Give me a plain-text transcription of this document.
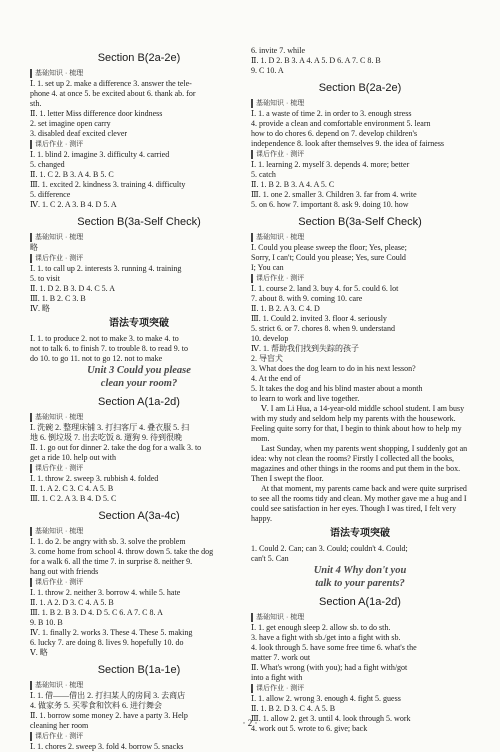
Section B(2a-2e)
基础知识 · 梳理
Ⅰ. 1. set up 2. make a difference 3. answer the tele-
phone 4. at once 5. be excited about 6. thank ab. for
sth.
Ⅱ. 1. letter Miss difference door kindness
2. set imagine open carry
3. disabled deaf excited clever
课后作业 · 测评
Ⅰ. 1. blind 2. imagine 3. difficulty 4. carried
5. changed
Ⅱ. 1. C 2. B 3. A 4. B 5. C
Ⅲ. 1. excited 2. kindness 3. training 4. difficulty
5. difference
Ⅳ. 1. C 2. A 3. B 4. D 5. A
Section B(3a-Self Check)
基础知识 · 梳理
略
课后作业 · 测评
Ⅰ. 1. to call up 2. interests 3. running 4. training
5. to visit
Ⅱ. 1. D 2. B 3. D 4. C 5. A
Ⅲ. 1. B 2. C 3. B
Ⅳ. 略
语法专项突破
Ⅰ. 1. to produce 2. not to make 3. to make 4. to
not to talk 6. to finish 7. to trouble 8. to read 9. to
do 10. to go 11. not to go 12. not to make
Unit 3 Could you please
clean your room?
Section A(1a-2d)
基础知识 · 梳理
Ⅰ. 洗碗 2. 整理床铺 3. 打扫客厅 4. 叠衣服 5. 扫
地 6. 倒垃圾 7. 出去吃饭 8. 遛狗 9. 待到很晚
Ⅱ. 1. go out for dinner 2. take the dog for a walk 3. to
get a ride 10. help out with
课后作业 · 测评
Ⅰ. 1. throw 2. sweep 3. rubbish 4. folded
Ⅱ. 1. A 2. C 3. C 4. A 5. B
Ⅲ. 1. C 2. A 3. B 4. D 5. C
Section A(3a-4c)
基础知识 · 梳理
Ⅰ. 1. do 2. be angry with sb. 3. solve the problem
3. come home from school 4. throw down 5. take the dog
for a walk 6. all the time 7. in surprise 8. neither 9.
hang out with friends
课后作业 · 测评
Ⅰ. 1. throw 2. neither 3. borrow 4. while 5. hate
Ⅱ. 1. A 2. D 3. C 4. A 5. B
Ⅲ. 1. B 2. B 3. D 4. D 5. C 6. A 7. C 8. A
9. B 10. B
Ⅳ. 1. finally 2. works 3. These 4. These 5. making
6. lucky 7. are doing 8. lives 9. hopefully 10. do
Ⅴ. 略
Section B(1a-1e)
基础知识 · 梳理
Ⅰ. 1. 借——借出 2. 打扫某人的房间 3. 去商店
4. 做家务 5. 买零食和饮料 6. 进行舞会
Ⅱ. 1. borrow some money 2. have a party 3. Help
cleaning her room
课后作业 · 测评
Ⅰ. 1. chores 2. sweep 3. fold 4. borrow 5. snacks
6. invite 7. while
Ⅱ. 1. D 2. B 3. A 4. A 5. D 6. A 7. C 8. B
9. C 10. A
Section B(2a-2e)
基础知识 · 梳理
Ⅰ. 1. a waste of time 2. in order to 3. enough stress
4. provide a clean and comfortable environment 5. learn
how to do chores 6. depend on 7. develop children's
independence 8. look after themselves 9. the idea of fairness
课后作业 · 测评
Ⅰ. 1. learning 2. myself 3. depends 4. more; better
5. catch
Ⅱ. 1. B 2. B 3. A 4. A 5. C
Ⅲ. 1. one 2. smaller 3. Children 3. far from 4. write
5. on 6. how 7. important 8. ask 9. doing 10. how
Section B(3a-Self Check)
基础知识 · 梳理
Ⅰ. Could you please sweep the floor; Yes, please;
Sorry, I can't; Could you please; Yes, sure Could
I; You can
课后作业 · 测评
Ⅰ. 1. course 2. land 3. buy 4. for 5. could 6. lot
7. about 8. with 9. coming 10. care
Ⅱ. 1. B 2. A 3. C 4. D
Ⅲ. 1. Could 2. invited 3. floor 4. seriously
5. strict 6. or 7. chores 8. when 9. understand
10. develop
Ⅳ. 1. 帮助我们找到失踪的孩子
2. 导盲犬
3. What does the dog learn to do in his next lesson?
4. At the end of
5. It takes the dog and his blind master about a month
to learn to work and live together.
Ⅴ. I am Li Hua, a 14-year-old middle school student. I am busy with my study and seldom help my parents with the housework. Feeling quite sorry for that, I begin to think about how to help my mom.
Last Sunday, when my parents went shopping, I suddenly got an idea: why not clean the rooms? Firstly I collected all the books, magazines and other things in the rooms and put them in the box. Then I swept the floor.
At that moment, my parents came back and were quite surprised to see all the rooms tidy and clean. My mother gave me a hug and I could see satisfaction in her eyes. Though I was tired, I felt very happy.
语法专项突破
1. Could 2. Can; can 3. Could; couldn't 4. Could;
can't 5. Can
Unit 4 Why don't you
talk to your parents?
Section A(1a-2d)
基础知识 · 梳理
Ⅰ. 1. get enough sleep 2. allow sb. to do sth.
3. have a fight with sb./get into a fight with sb.
4. look through 5. have some free time 6. what's the
matter 7. work out
Ⅱ. What's wrong (with you); had a fight with/got
into a fight with
课后作业 · 测评
Ⅰ. 1. allow 2. wrong 3. enough 4. fight 5. guess
Ⅱ. 1. B 2. D 3. C 4. A 5. B
Ⅲ. 1. allow 2. get 3. until 4. look through 5. work
4. work out 5. wrote to 6. give; back
· 2 ·
